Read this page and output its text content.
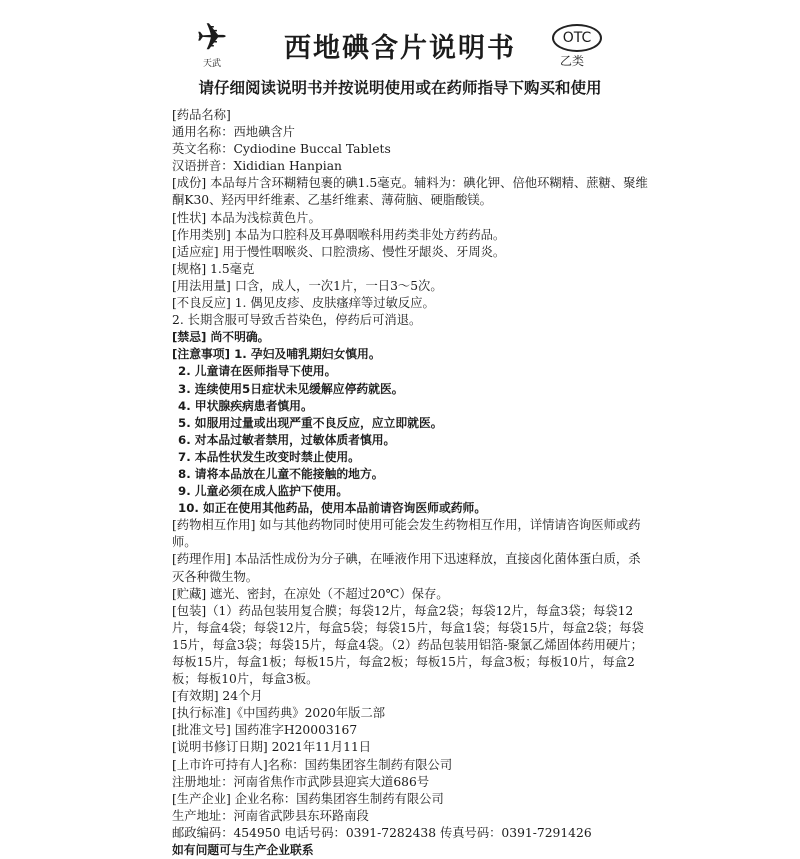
✈
天武	西地碘含片说明书	OTC
乙类
请仔细阅读说明书并按说明使用或在药师指导下购买和使用
[药品名称]
通用名称：西地碘含片
英文名称：Cydiodine Buccal Tablets
汉语拼音：Xididian Hanpian
[成份] 本品每片含环糊精包裹的碘1.5毫克。辅料为：碘化钾、倍他环糊精、蔗糖、聚维酮K30、羟丙甲纤维素、乙基纤维素、薄荷脑、硬脂酸镁。
[性状] 本品为浅棕黄色片。
[作用类别] 本品为口腔科及耳鼻咽喉科用药类非处方药药品。
[适应症] 用于慢性咽喉炎、口腔溃疡、慢性牙龈炎、牙周炎。
[规格] 1.5毫克
[用法用量] 口含，成人，一次1片，一日3～5次。
[不良反应] 1. 偶见皮疹、皮肤瘙痒等过敏反应。
2. 长期含服可导致舌苔染色，停药后可消退。
[禁忌] 尚不明确。
[注意事项] 1. 孕妇及哺乳期妇女慎用。
2. 儿童请在医师指导下使用。
3. 连续使用5日症状未见缓解应停药就医。
4. 甲状腺疾病患者慎用。
5. 如服用过量或出现严重不良反应，应立即就医。
6. 对本品过敏者禁用，过敏体质者慎用。
7. 本品性状发生改变时禁止使用。
8. 请将本品放在儿童不能接触的地方。
9. 儿童必须在成人监护下使用。
10. 如正在使用其他药品，使用本品前请咨询医师或药师。
[药物相互作用] 如与其他药物同时使用可能会发生药物相互作用，详情请咨询医师或药师。
[药理作用] 本品活性成份为分子碘，在唾液作用下迅速释放，直接卤化菌体蛋白质，杀灭各种微生物。
[贮藏] 遮光、密封，在凉处（不超过20℃）保存。
[包装]（1）药品包装用复合膜；每袋12片，每盒2袋；每袋12片，每盒3袋；每袋12片，每盒4袋；每袋12片，每盒5袋；每袋15片，每盒1袋；每袋15片，每盒2袋；每袋15片，每盒3袋；每袋15片，每盒4袋。（2）药品包装用铝箔-聚氯乙烯固体药用硬片；每板15片，每盒1板；每板15片，每盒2板；每板15片，每盒3板；每板10片，每盒2板；每板10片，每盒3板。
[有效期] 24个月
[执行标准]《中国药典》2020年版二部
[批准文号] 国药准字H20003167
[说明书修订日期] 2021年11月11日
[上市许可持有人]名称：国药集团容生制药有限公司
注册地址：河南省焦作市武陟县迎宾大道686号
[生产企业] 企业名称：国药集团容生制药有限公司
生产地址：河南省武陟县东环路南段
邮政编码：454950 电话号码：0391-7282438 传真号码：0391-7291426
如有问题可与生产企业联系
